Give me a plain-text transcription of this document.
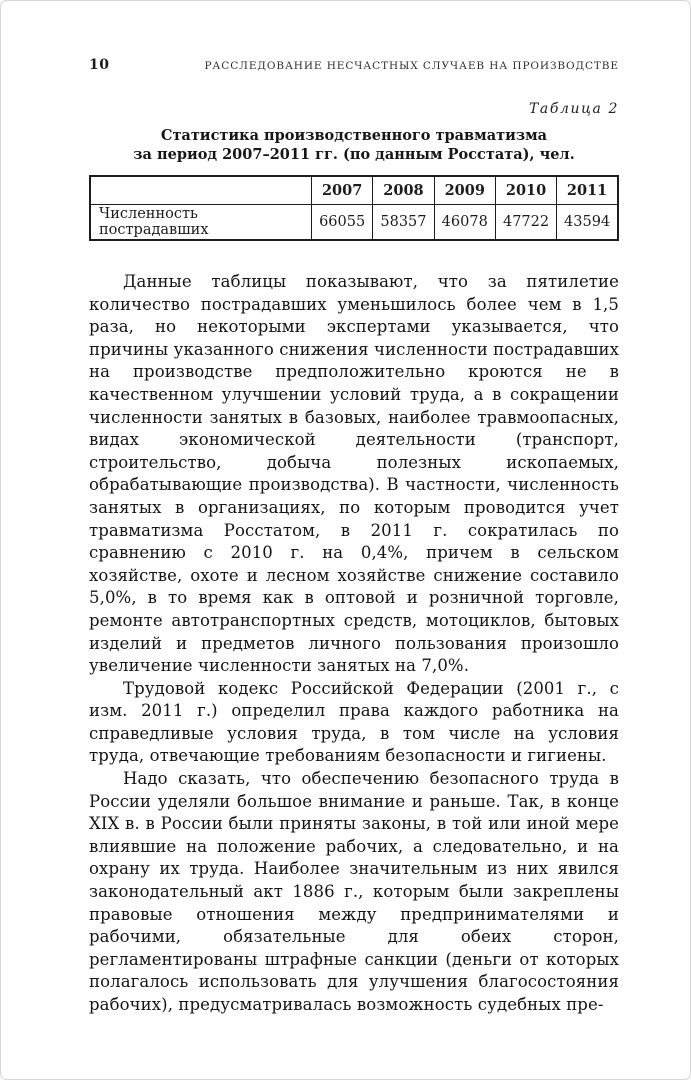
10	РАССЛЕДОВАНИЕ НЕСЧАСТНЫХ СЛУЧАЕВ НА ПРОИЗВОДСТВЕ
Таблица 2
Статистика производственного травматизма
за период 2007–2011 гг. (по данным Росстата), чел.
	2007	2008	2009	2010	2011
Численность пострадавших	66055	58357	46078	47722	43594

Данные таблицы показывают, что за пятилетие количество пострадавших уменьшилось более чем в 1,5 раза, но некоторыми экспертами указывается, что причины указанного снижения численности пострадавших на производстве предположительно кроются не в качественном улучшении условий труда, а в сокращении численности занятых в базовых, наиболее травмоопасных, видах экономической деятельности (транспорт, строительство, добыча полезных ископаемых, обрабатывающие производства). В частности, численность занятых в организациях, по которым проводится учет травматизма Росстатом, в 2011 г. сократилась по сравнению с 2010 г. на 0,4%, причем в сельском хозяйстве, охоте и лесном хозяйстве снижение составило 5,0%, в то время как в оптовой и розничной торговле, ремонте автотранспортных средств, мотоциклов, бытовых изделий и предметов личного пользования произошло увеличение численности занятых на 7,0%.

Трудовой кодекс Российской Федерации (2001 г., с изм. 2011 г.) определил права каждого работника на справедливые условия труда, в том числе на условия труда, отвечающие требованиям безопасности и гигиены.

Надо сказать, что обеспечению безопасного труда в России уделяли большое внимание и раньше. Так, в конце XIX в. в России были приняты законы, в той или иной мере влиявшие на положение рабочих, а следовательно, и на охрану их труда. Наиболее значительным из них явился законодательный акт 1886 г., которым были закреплены правовые отношения между предпринимателями и рабочими, обязательные для обеих сторон, регламентированы штрафные санкции (деньги от которых полагалось использовать для улучшения благосостояния рабочих), предусматривалась возможность судебных пре-
